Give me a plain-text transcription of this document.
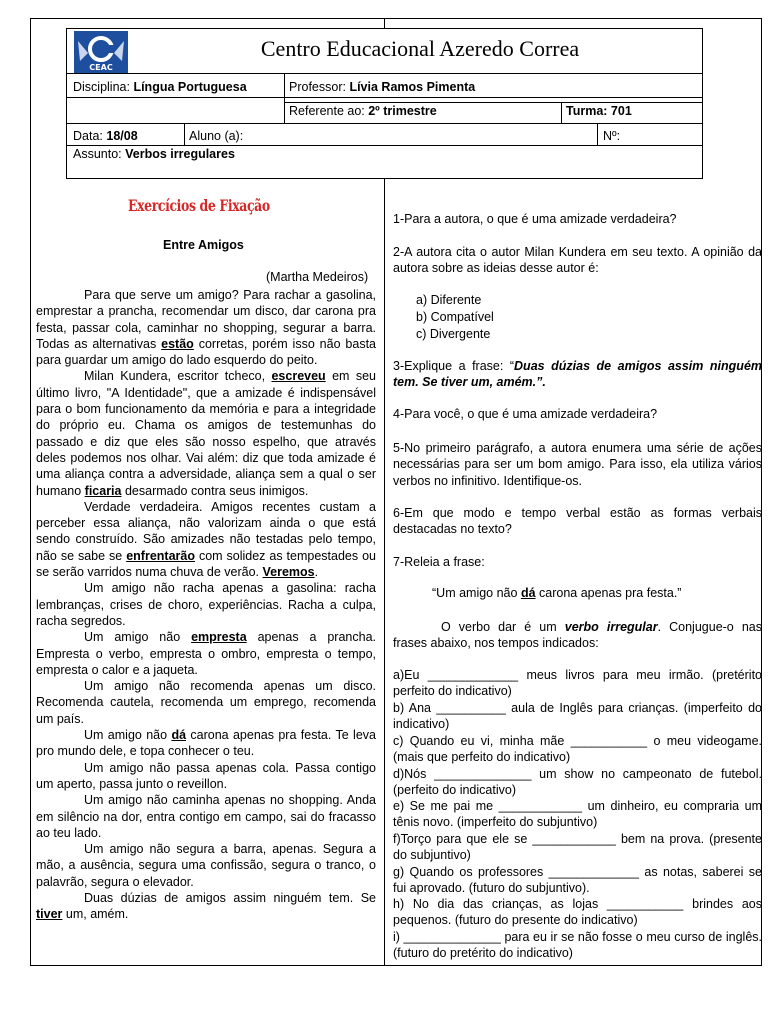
CEAC
Centro Educacional Azeredo Correa
Disciplina: Língua Portuguesa	Professor: Lívia Ramos Pimenta
Referente ao: 2º trimestre	Turma: 701
Data: 18/08	Aluno (a):	Nº:
Assunto: Verbos irregulares
Exercícios de Fixação
Entre Amigos
(Martha Medeiros)

Para que serve um amigo? Para rachar a gasolina, emprestar a prancha, recomendar um disco, dar carona pra festa, passar cola, caminhar no shopping, segurar a barra. Todas as alternativas estão corretas, porém isso não basta para guardar um amigo do lado esquerdo do peito.

Milan Kundera, escritor tcheco, escreveu em seu último livro, "A Identidade", que a amizade é indispensável para o bom funcionamento da memória e para a integridade do próprio eu. Chama os amigos de testemunhas do passado e diz que eles são nosso espelho, que através deles podemos nos olhar. Vai além: diz que toda amizade é uma aliança contra a adversidade, aliança sem a qual o ser humano ficaria desarmado contra seus inimigos.

Verdade verdadeira. Amigos recentes custam a perceber essa aliança, não valorizam ainda o que está sendo construído. São amizades não testadas pelo tempo, não se sabe se enfrentarão com solidez as tempestades ou se serão varridos numa chuva de verão. Veremos.

Um amigo não racha apenas a gasolina: racha lembranças, crises de choro, experiências. Racha a culpa, racha segredos.

Um amigo não empresta apenas a prancha. Empresta o verbo, empresta o ombro, empresta o tempo, empresta o calor e a jaqueta.

Um amigo não recomenda apenas um disco. Recomenda cautela, recomenda um emprego, recomenda um país.

Um amigo não dá carona apenas pra festa. Te leva pro mundo dele, e topa conhecer o teu.

Um amigo não passa apenas cola. Passa contigo um aperto, passa junto o reveillon.

Um amigo não caminha apenas no shopping. Anda em silêncio na dor, entra contigo em campo, sai do fracasso ao teu lado.

Um amigo não segura a barra, apenas. Segura a mão, a ausência, segura uma confissão, segura o tranco, o palavrão, segura o elevador.

Duas dúzias de amigos assim ninguém tem. Se tiver um, amém.

1-Para a autora, o que é uma amizade verdadeira?
2-A autora cita o autor Milan Kundera em seu texto. A opinião da autora sobre as ideias desse autor é:
a) Diferente
b) Compatível
c) Divergente
3-Explique a frase: “Duas dúzias de amigos assim ninguém tem. Se tiver um, amém.”.
4-Para você, o que é uma amizade verdadeira?
5-No primeiro parágrafo, a autora enumera uma série de ações necessárias para ser um bom amigo. Para isso, ela utiliza vários verbos no infinitivo. Identifique-os.
6-Em que modo e tempo verbal estão as formas verbais destacadas no texto?
7-Releia a frase:
“Um amigo não dá carona apenas pra festa.”
O verbo dar é um verbo irregular. Conjugue-o nas frases abaixo, nos tempos indicados:
a)Eu _____________ meus livros para meu irmão. (pretérito perfeito do indicativo)
b) Ana __________ aula de Inglês para crianças. (imperfeito do indicativo)
c) Quando eu vi, minha mãe ___________ o meu videogame. (mais que perfeito do indicativo)
d)Nós ______________ um show no campeonato de futebol. (perfeito do indicativo)
e) Se me pai me ____________ um dinheiro, eu compraria um tênis novo. (imperfeito do subjuntivo)
f)Torço para que ele se ____________ bem na prova. (presente do subjuntivo)
g) Quando os professores _____________ as notas, saberei se fui aprovado. (futuro do subjuntivo).
h) No dia das crianças, as lojas ___________ brindes aos pequenos. (futuro do presente do indicativo)
i) ______________ para eu ir se não fosse o meu curso de inglês. (futuro do pretérito do indicativo)
